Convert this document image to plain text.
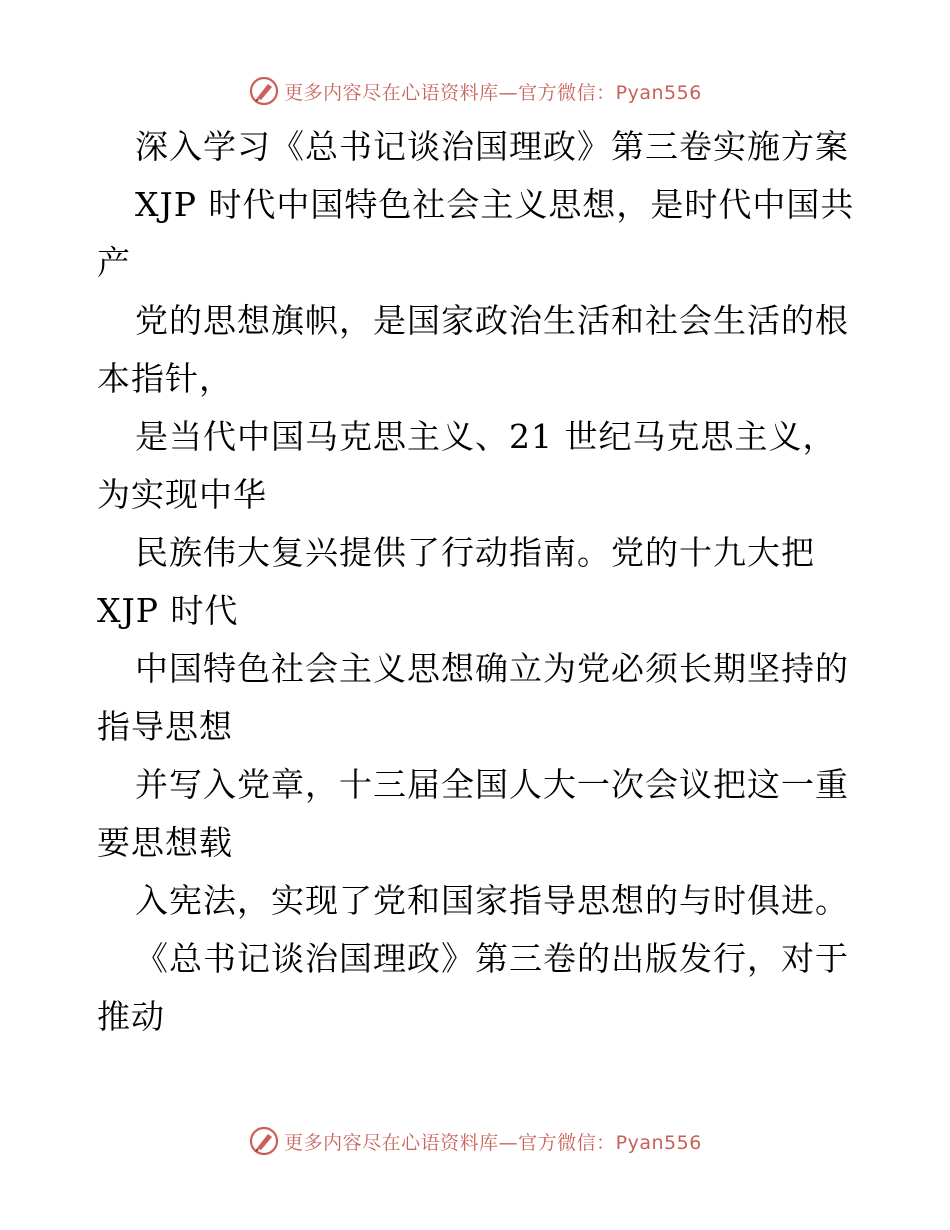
更多内容尽在心语资料库—官方微信：Pyan556
深入学习《总书记谈治国理政》第三卷实施方案
XJP 时代中国特色社会主义思想，是时代中国共
产
党的思想旗帜，是国家政治生活和社会生活的根
本指针，
是当代中国马克思主义、21 世纪马克思主义，
为实现中华
民族伟大复兴提供了行动指南。党的十九大把
XJP 时代
中国特色社会主义思想确立为党必须长期坚持的
指导思想
并写入党章，十三届全国人大一次会议把这一重
要思想载
入宪法，实现了党和国家指导思想的与时俱进。
《总书记谈治国理政》第三卷的出版发行，对于
推动
更多内容尽在心语资料库—官方微信：Pyan556
